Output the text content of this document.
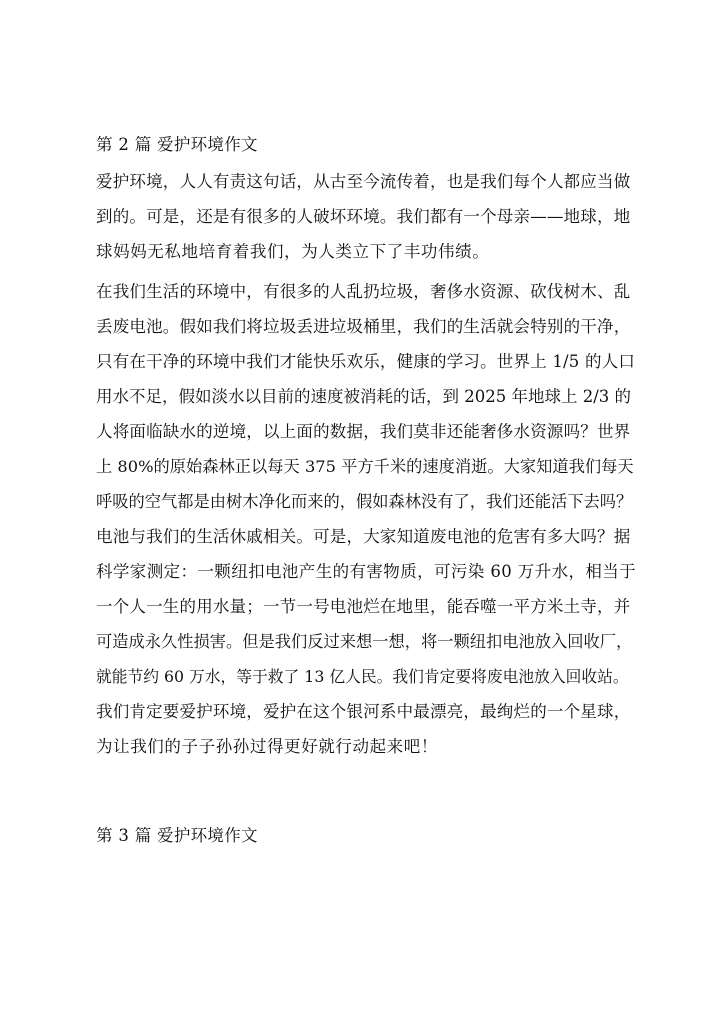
第 2 篇 爱护环境作文
爱护环境，人人有责这句话，从古至今流传着，也是我们每个人都应当做
到的。可是，还是有很多的人破坏环境。我们都有一个母亲——地球，地
球妈妈无私地培育着我们，为人类立下了丰功伟绩。
在我们生活的环境中，有很多的人乱扔垃圾，奢侈水资源、砍伐树木、乱
丢废电池。假如我们将垃圾丢进垃圾桶里，我们的生活就会特别的干净，
只有在干净的环境中我们才能快乐欢乐，健康的学习。世界上 1/5 的人口
用水不足，假如淡水以目前的速度被消耗的话，到 2025 年地球上 2/3 的
人将面临缺水的逆境，以上面的数据，我们莫非还能奢侈水资源吗？世界
上 80%的原始森林正以每天 375 平方千米的速度消逝。大家知道我们每天
呼吸的空气都是由树木净化而来的，假如森林没有了，我们还能活下去吗？
电池与我们的生活休戚相关。可是，大家知道废电池的危害有多大吗？据
科学家测定：一颗纽扣电池产生的有害物质，可污染 60 万升水，相当于
一个人一生的用水量；一节一号电池烂在地里，能吞噬一平方米土寺，并
可造成永久性损害。但是我们反过来想一想，将一颗纽扣电池放入回收厂，
就能节约 60 万水，等于救了 13 亿人民。我们肯定要将废电池放入回收站。
我们肯定要爱护环境，爱护在这个银河系中最漂亮，最绚烂的一个星球，
为让我们的子子孙孙过得更好就行动起来吧！
第 3 篇 爱护环境作文
